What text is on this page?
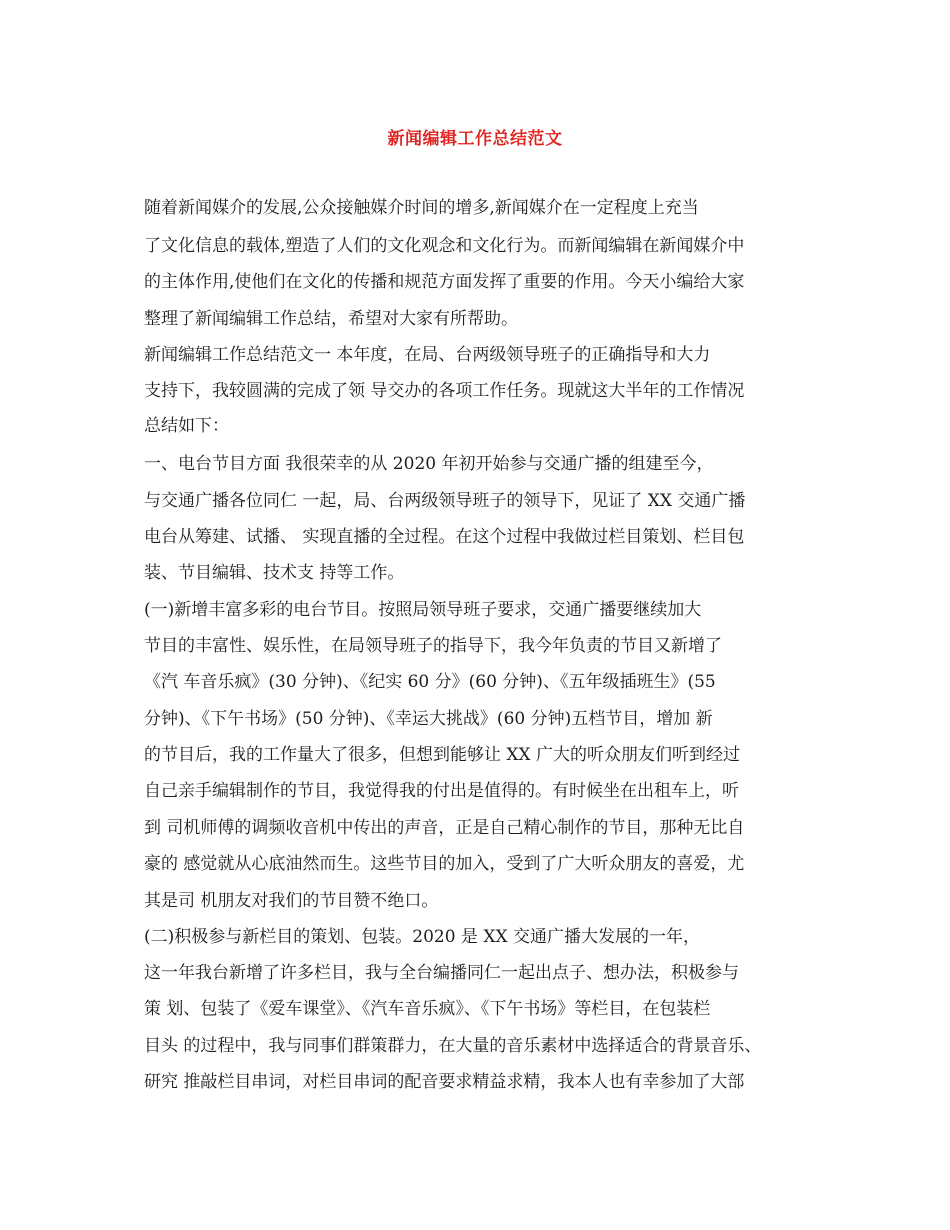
新闻编辑工作总结范文
随着新闻媒介的发展,公众接触媒介时间的增多,新闻媒介在一定程度上充当
了文化信息的载体,塑造了人们的文化观念和文化行为。而新闻编辑在新闻媒介中
的主体作用,使他们在文化的传播和规范方面发挥了重要的作用。今天小编给大家
整理了新闻编辑工作总结，希望对大家有所帮助。
新闻编辑工作总结范文一 本年度，在局、台两级领导班子的正确指导和大力
支持下，我较圆满的完成了领 导交办的各项工作任务。现就这大半年的工作情况
总结如下：
一、电台节目方面 我很荣幸的从 2020 年初开始参与交通广播的组建至今，
与交通广播各位同仁 一起，局、台两级领导班子的领导下，见证了 XX 交通广播
电台从筹建、试播、 实现直播的全过程。在这个过程中我做过栏目策划、栏目包
装、节目编辑、技术支 持等工作。
(一)新增丰富多彩的电台节目。按照局领导班子要求，交通广播要继续加大
节目的丰富性、娱乐性，在局领导班子的指导下，我今年负责的节目又新增了
《汽 车音乐疯》(30 分钟)、《纪实 60 分》(60 分钟)、《五年级插班生》(55
分钟)、《下午书场》(50 分钟)、《幸运大挑战》(60 分钟)五档节目，增加 新
的节目后，我的工作量大了很多，但想到能够让 XX 广大的听众朋友们听到经过
自己亲手编辑制作的节目，我觉得我的付出是值得的。有时候坐在出租车上，听
到 司机师傅的调频收音机中传出的声音，正是自己精心制作的节目，那种无比自
豪的 感觉就从心底油然而生。这些节目的加入，受到了广大听众朋友的喜爱，尤
其是司 机朋友对我们的节目赞不绝口。
(二)积极参与新栏目的策划、包装。2020 是 XX 交通广播大发展的一年，
这一年我台新增了许多栏目，我与全台编播同仁一起出点子、想办法，积极参与
策 划、包装了《爱车课堂》、《汽车音乐疯》、《下午书场》等栏目，在包装栏
目头 的过程中，我与同事们群策群力，在大量的音乐素材中选择适合的背景音乐、
研究 推敲栏目串词，对栏目串词的配音要求精益求精，我本人也有幸参加了大部
